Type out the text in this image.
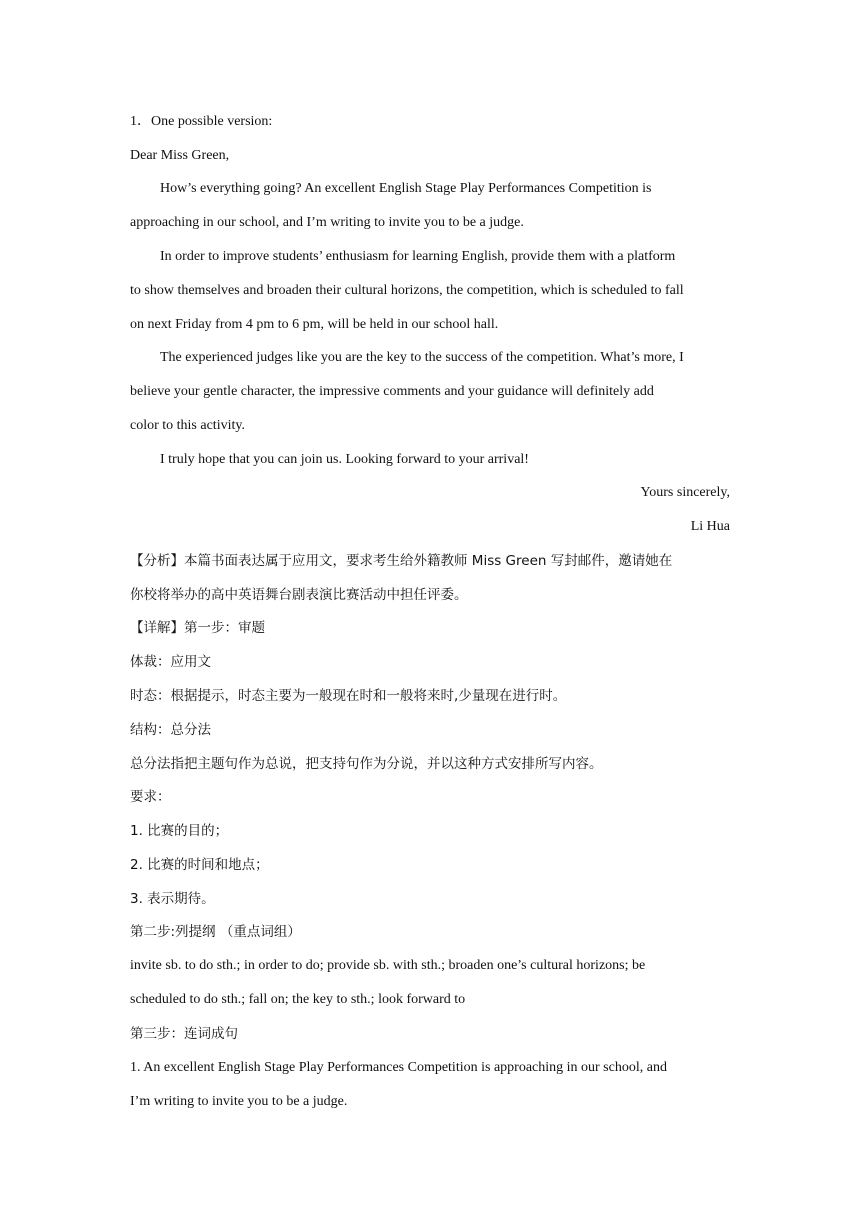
1．One possible version:
Dear Miss Green,
How’s everything going? An excellent English Stage Play Performances Competition is
approaching in our school, and I’m writing to invite you to be a judge.
In order to improve students’ enthusiasm for learning English, provide them with a platform
to show themselves and broaden their cultural horizons, the competition, which is scheduled to fall
on next Friday from 4 pm to 6 pm, will be held in our school hall.
The experienced judges like you are the key to the success of the competition. What’s more, I
believe your gentle character, the impressive comments and your guidance will definitely add
color to this activity.
I truly hope that you can join us. Looking forward to your arrival!
Yours sincerely,
Li Hua
【分析】本篇书面表达属于应用文，要求考生给外籍教师 Miss Green 写封邮件，邀请她在
你校将举办的高中英语舞台剧表演比赛活动中担任评委。
【详解】第一步：审题
体裁：应用文
时态：根据提示，时态主要为一般现在时和一般将来时,少量现在进行时。
结构：总分法
总分法指把主题句作为总说，把支持句作为分说，并以这种方式安排所写内容。
要求：
1. 比赛的目的；
2. 比赛的时间和地点；
3. 表示期待。
第二步:列提纲 （重点词组）
invite sb. to do sth.; in order to do; provide sb. with sth.; broaden one’s cultural horizons; be
scheduled to do sth.; fall on; the key to sth.; look forward to
第三步：连词成句
1. An excellent English Stage Play Performances Competition is approaching in our school, and
I’m writing to invite you to be a judge.
